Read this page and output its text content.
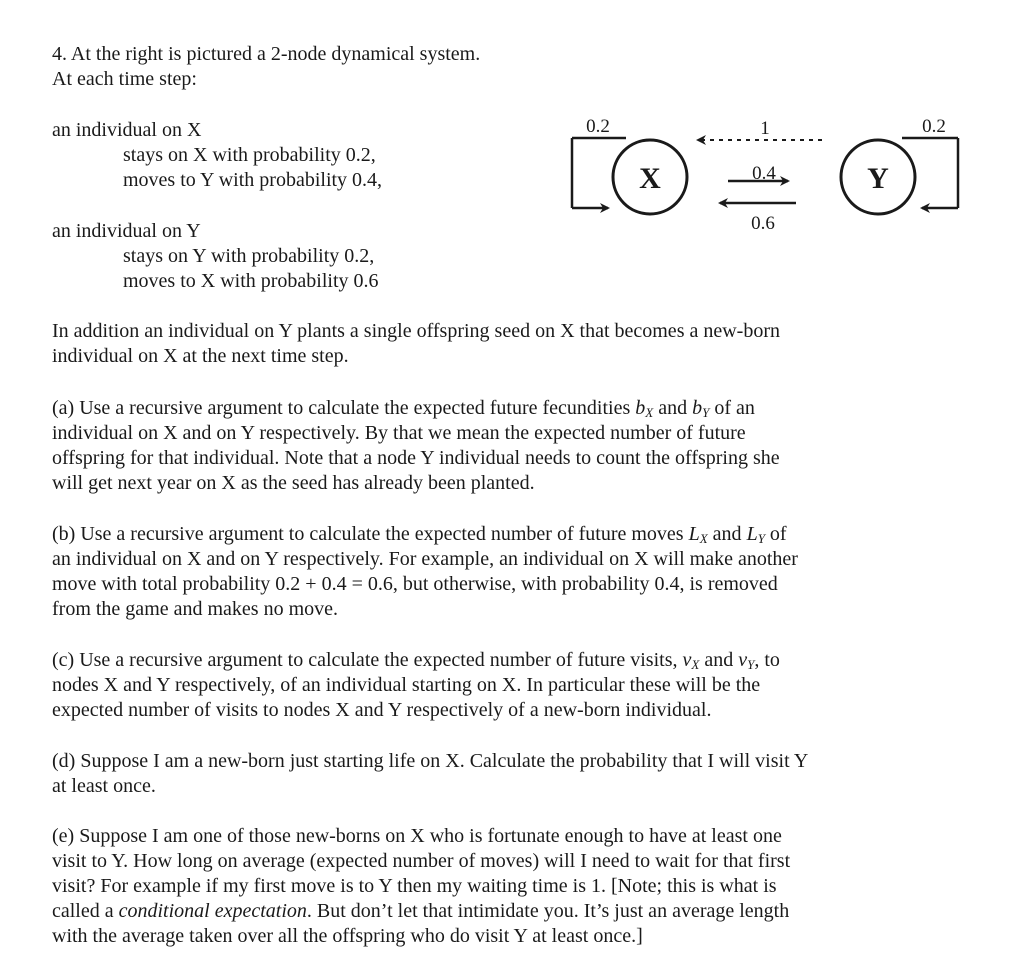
4. At the right is pictured a 2-node dynamical system.
At each time step:
an individual on X
stays on X with probability 0.2,
moves to Y with probability 0.4,
an individual on Y
stays on Y with probability 0.2,
moves to X with probability 0.6
X	Y
0.2	0.2
1
0.4
0.6
In addition an individual on Y plants a single offspring seed on X that becomes a new-born
individual on X at the next time step.
(a) Use a recursive argument to calculate the expected future fecundities $b_X$ and $b_Y$ of an
individual on X and on Y respectively. By that we mean the expected number of future
offspring for that individual. Note that a node Y individual needs to count the offspring she
will get next year on X as the seed has already been planted.
(b) Use a recursive argument to calculate the expected number of future moves $L_X$ and $L_Y$ of
an individual on X and on Y respectively. For example, an individual on X will make another
move with total probability 0.2 + 0.4 = 0.6, but otherwise, with probability 0.4, is removed
from the game and makes no move.
(c) Use a recursive argument to calculate the expected number of future visits, $v_X$ and $v_Y$, to
nodes X and Y respectively, of an individual starting on X. In particular these will be the
expected number of visits to nodes X and Y respectively of a new-born individual.
(d) Suppose I am a new-born just starting life on X. Calculate the probability that I will visit Y
at least once.
(e) Suppose I am one of those new-borns on X who is fortunate enough to have at least one
visit to Y. How long on average (expected number of moves) will I need to wait for that first
visit? For example if my first move is to Y then my waiting time is 1. [Note; this is what is
called a conditional expectation. But don’t let that intimidate you. It’s just an average length
with the average taken over all the offspring who do visit Y at least once.]
